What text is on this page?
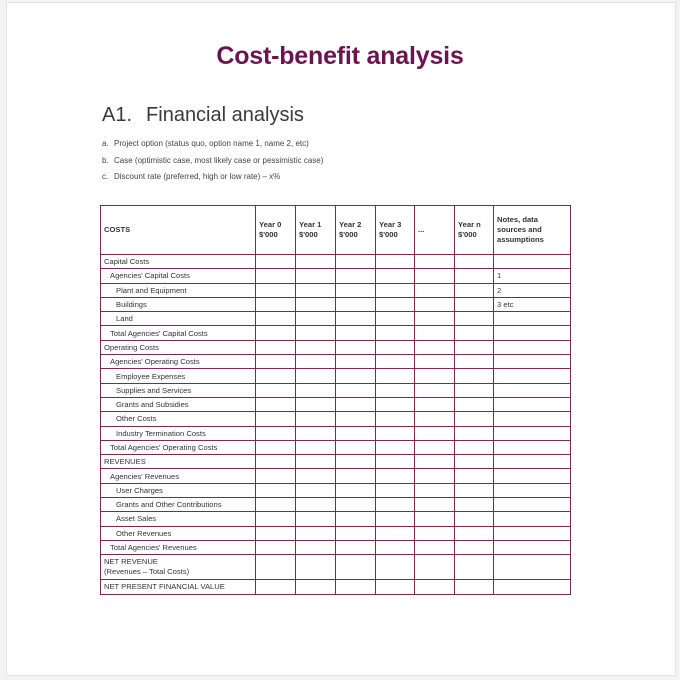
Cost-benefit analysis
A1. Financial analysis
a. Project option (status quo, option name 1, name 2, etc)
b. Case (optimistic case, most likely case or pessimistic case)
c. Discount rate (preferred, high or low rate) – x%
COSTS	Year 0 $'000	Year 1 $'000	Year 2 $'000	Year 3 $'000	...	Year n $'000	Notes, data sources and assumptions
Capital Costs							
Agencies' Capital Costs							1
Plant and Equipment							2
Buildings							3 etc
Land							
Total Agencies' Capital Costs							
Operating Costs							
Agencies' Operating Costs							
Employee Expenses							
Supplies and Services							
Grants and Subsidies							
Other Costs							
Industry Termination Costs							
Total Agencies' Operating Costs							
REVENUES							
Agencies' Revenues							
User Charges							
Grants and Other Contributions							
Asset Sales							
Other Revenues							
Total Agencies' Revenues							
NET REVENUE
(Revenues – Total Costs)							
NET PRESENT FINANCIAL VALUE							
